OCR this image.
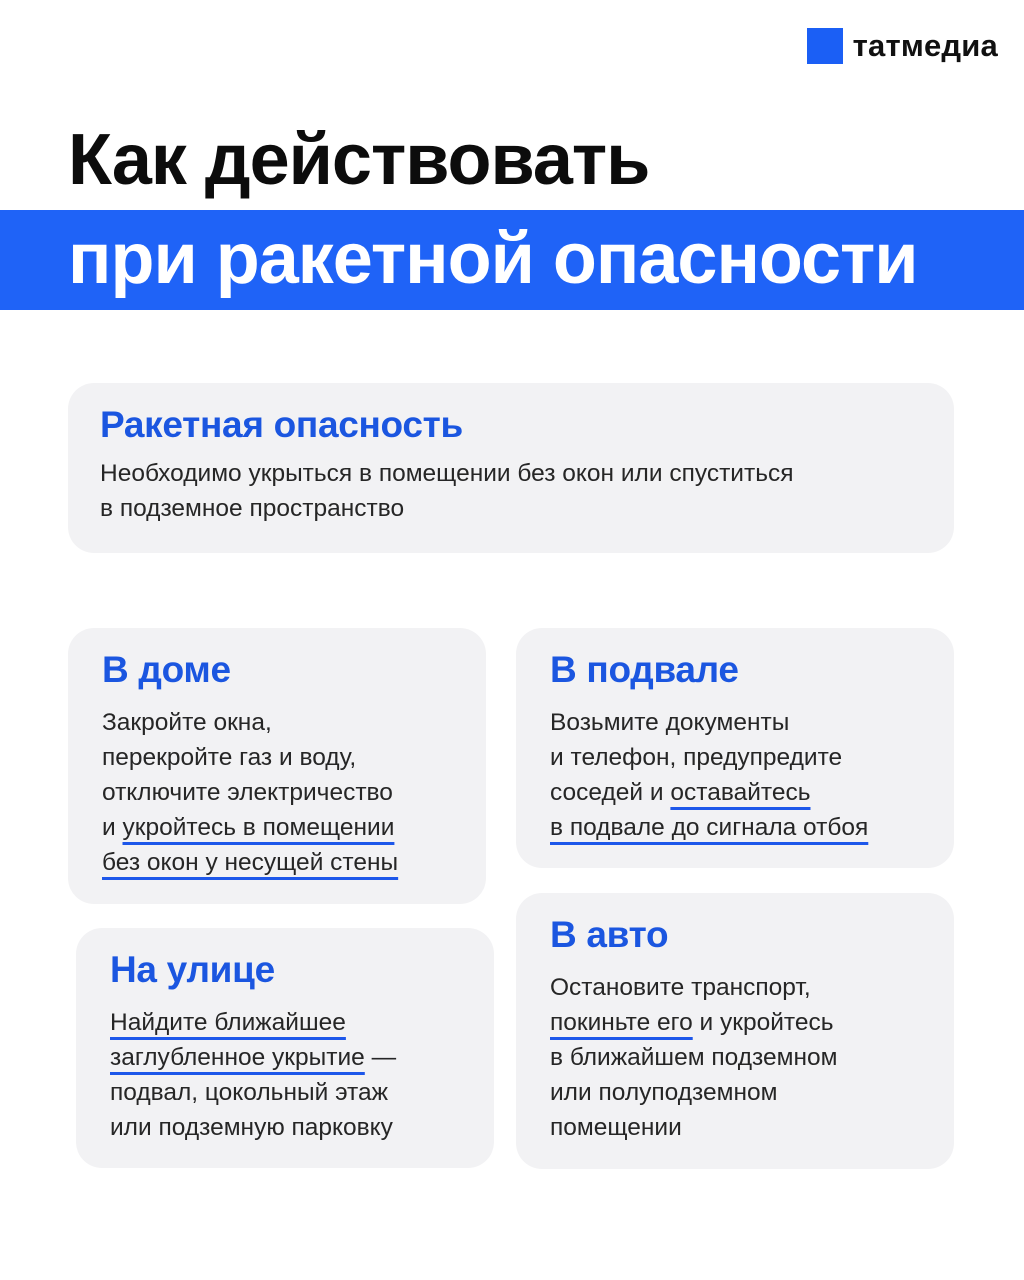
татмедиа
Как действовать
при ракетной опасности
Ракетная опасность
Необходимо укрыться в помещении без окон или спуститься
в подземное пространство
В доме
Закройте окна,
перекройте газ и воду,
отключите электричество
и укройтесь в помещении
без окон у несущей стены
В подвале
Возьмите документы
и телефон, предупредите
соседей и оставайтесь
в подвале до сигнала отбоя
На улице
Найдите ближайшее
заглубленное укрытие —
подвал, цокольный этаж
или подземную парковку
В авто
Остановите транспорт,
покиньте его и укройтесь
в ближайшем подземном
или полуподземном
помещении
